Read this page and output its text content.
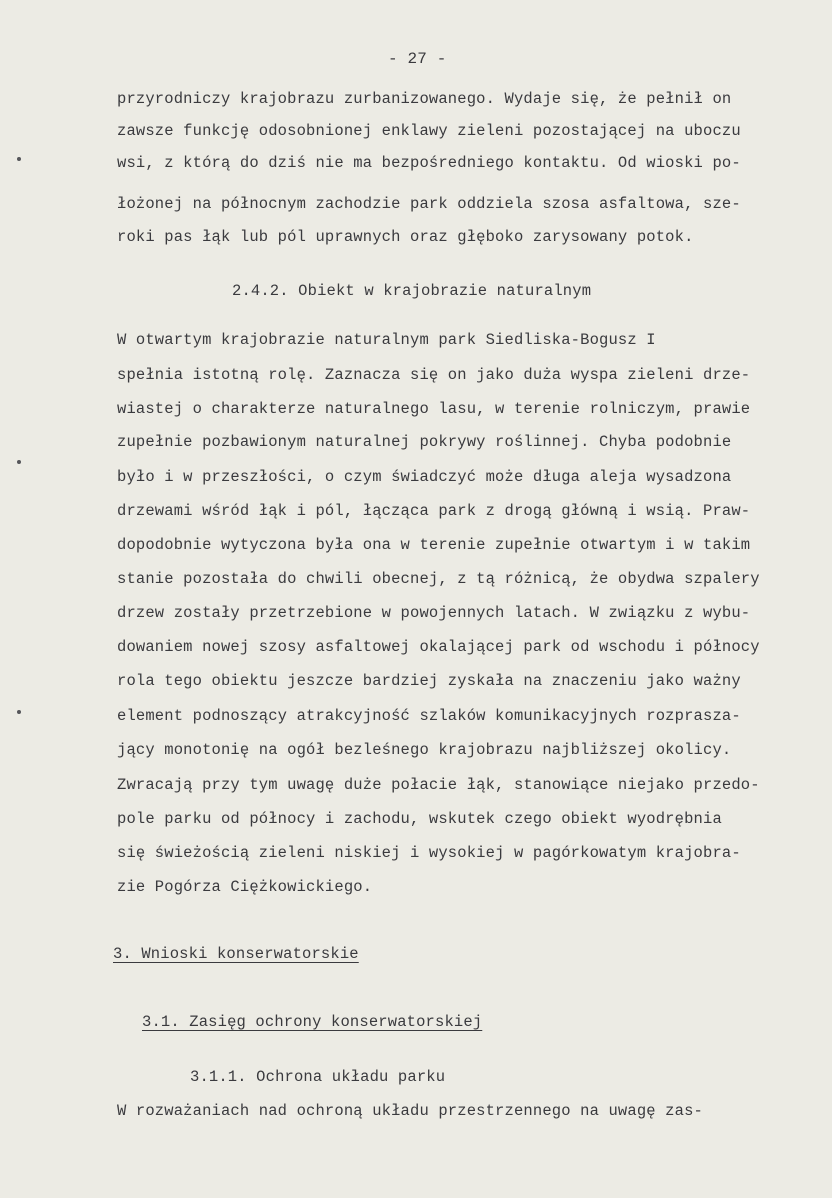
- 27 -

przyrodniczy krajobrazu zurbanizowanego. Wydaje się, że pełnił on

zawsze funkcję odosobnionej enklawy zieleni pozostającej na uboczu

wsi, z którą do dziś nie ma bezpośredniego kontaktu. Od wioski po-

łożonej na północnym zachodzie park oddziela szosa asfaltowa, sze-

roki pas łąk lub pól uprawnych oraz głęboko zarysowany potok.

2.4.2. Obiekt w krajobrazie naturalnym

W otwartym krajobrazie naturalnym park Siedliska-Bogusz I

spełnia istotną rolę. Zaznacza się on jako duża wyspa zieleni drze-

wiastej o charakterze naturalnego lasu, w terenie rolniczym, prawie

zupełnie pozbawionym naturalnej pokrywy roślinnej. Chyba podobnie

było i w przeszłości, o czym świadczyć może długa aleja wysadzona

drzewami wśród łąk i pól, łącząca park z drogą główną i wsią. Praw-

dopodobnie wytyczona była ona w terenie zupełnie otwartym i w takim

stanie pozostała do chwili obecnej, z tą różnicą, że obydwa szpalery

drzew zostały przetrzebione w powojennych latach. W związku z wybu-

dowaniem nowej szosy asfaltowej okalającej park od wschodu i północy

rola tego obiektu jeszcze bardziej zyskała na znaczeniu jako ważny

element podnoszący atrakcyjność szlaków komunikacyjnych rozprasza-

jący monotonię na ogół bezleśnego krajobrazu najbliższej okolicy.

Zwracają przy tym uwagę duże połacie łąk, stanowiące niejako przedo-

pole parku od północy i zachodu, wskutek czego obiekt wyodrębnia

się świeżością zieleni niskiej i wysokiej w pagórkowatym krajobra-

zie Pogórza Ciężkowickiego.

3. Wnioski konserwatorskie

3.1. Zasięg ochrony konserwatorskiej

3.1.1. Ochrona układu parku

W rozważaniach nad ochroną układu przestrzennego na uwagę zas-
